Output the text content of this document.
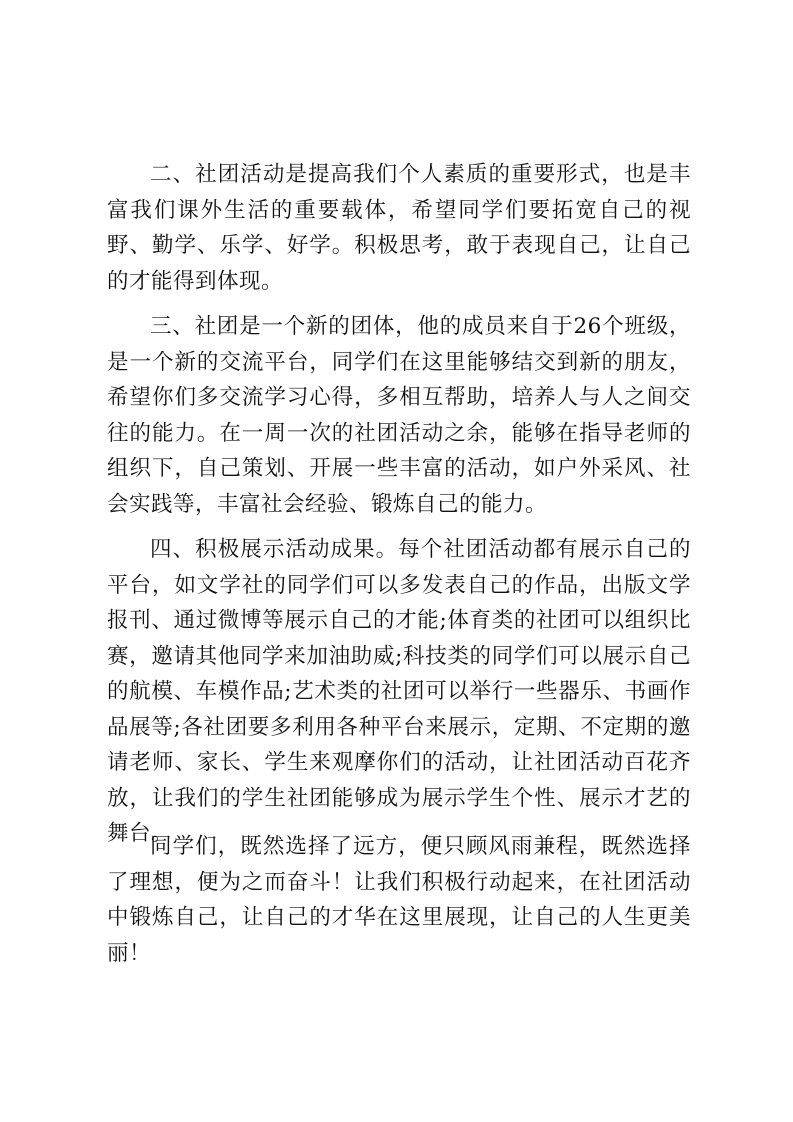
二、社团活动是提高我们个人素质的重要形式，也是丰富我们课外生活的重要载体，希望同学们要拓宽自己的视野、勤学、乐学、好学。积极思考，敢于表现自己，让自己的才能得到体现。

三、社团是一个新的团体，他的成员来自于26个班级，是一个新的交流平台，同学们在这里能够结交到新的朋友，希望你们多交流学习心得，多相互帮助，培养人与人之间交往的能力。在一周一次的社团活动之余，能够在指导老师的组织下，自己策划、开展一些丰富的活动，如户外采风、社会实践等，丰富社会经验、锻炼自己的能力。

四、积极展示活动成果。每个社团活动都有展示自己的平台，如文学社的同学们可以多发表自己的作品，出版文学报刊、通过微博等展示自己的才能;体育类的社团可以组织比赛，邀请其他同学来加油助威;科技类的同学们可以展示自己的航模、车模作品;艺术类的社团可以举行一些器乐、书画作品展等;各社团要多利用各种平台来展示，定期、不定期的邀请老师、家长、学生来观摩你们的活动，让社团活动百花齐放，让我们的学生社团能够成为展示学生个性、展示才艺的舞台。

同学们，既然选择了远方，便只顾风雨兼程，既然选择了理想，便为之而奋斗！让我们积极行动起来，在社团活动中锻炼自己，让自己的才华在这里展现，让自己的人生更美丽！
